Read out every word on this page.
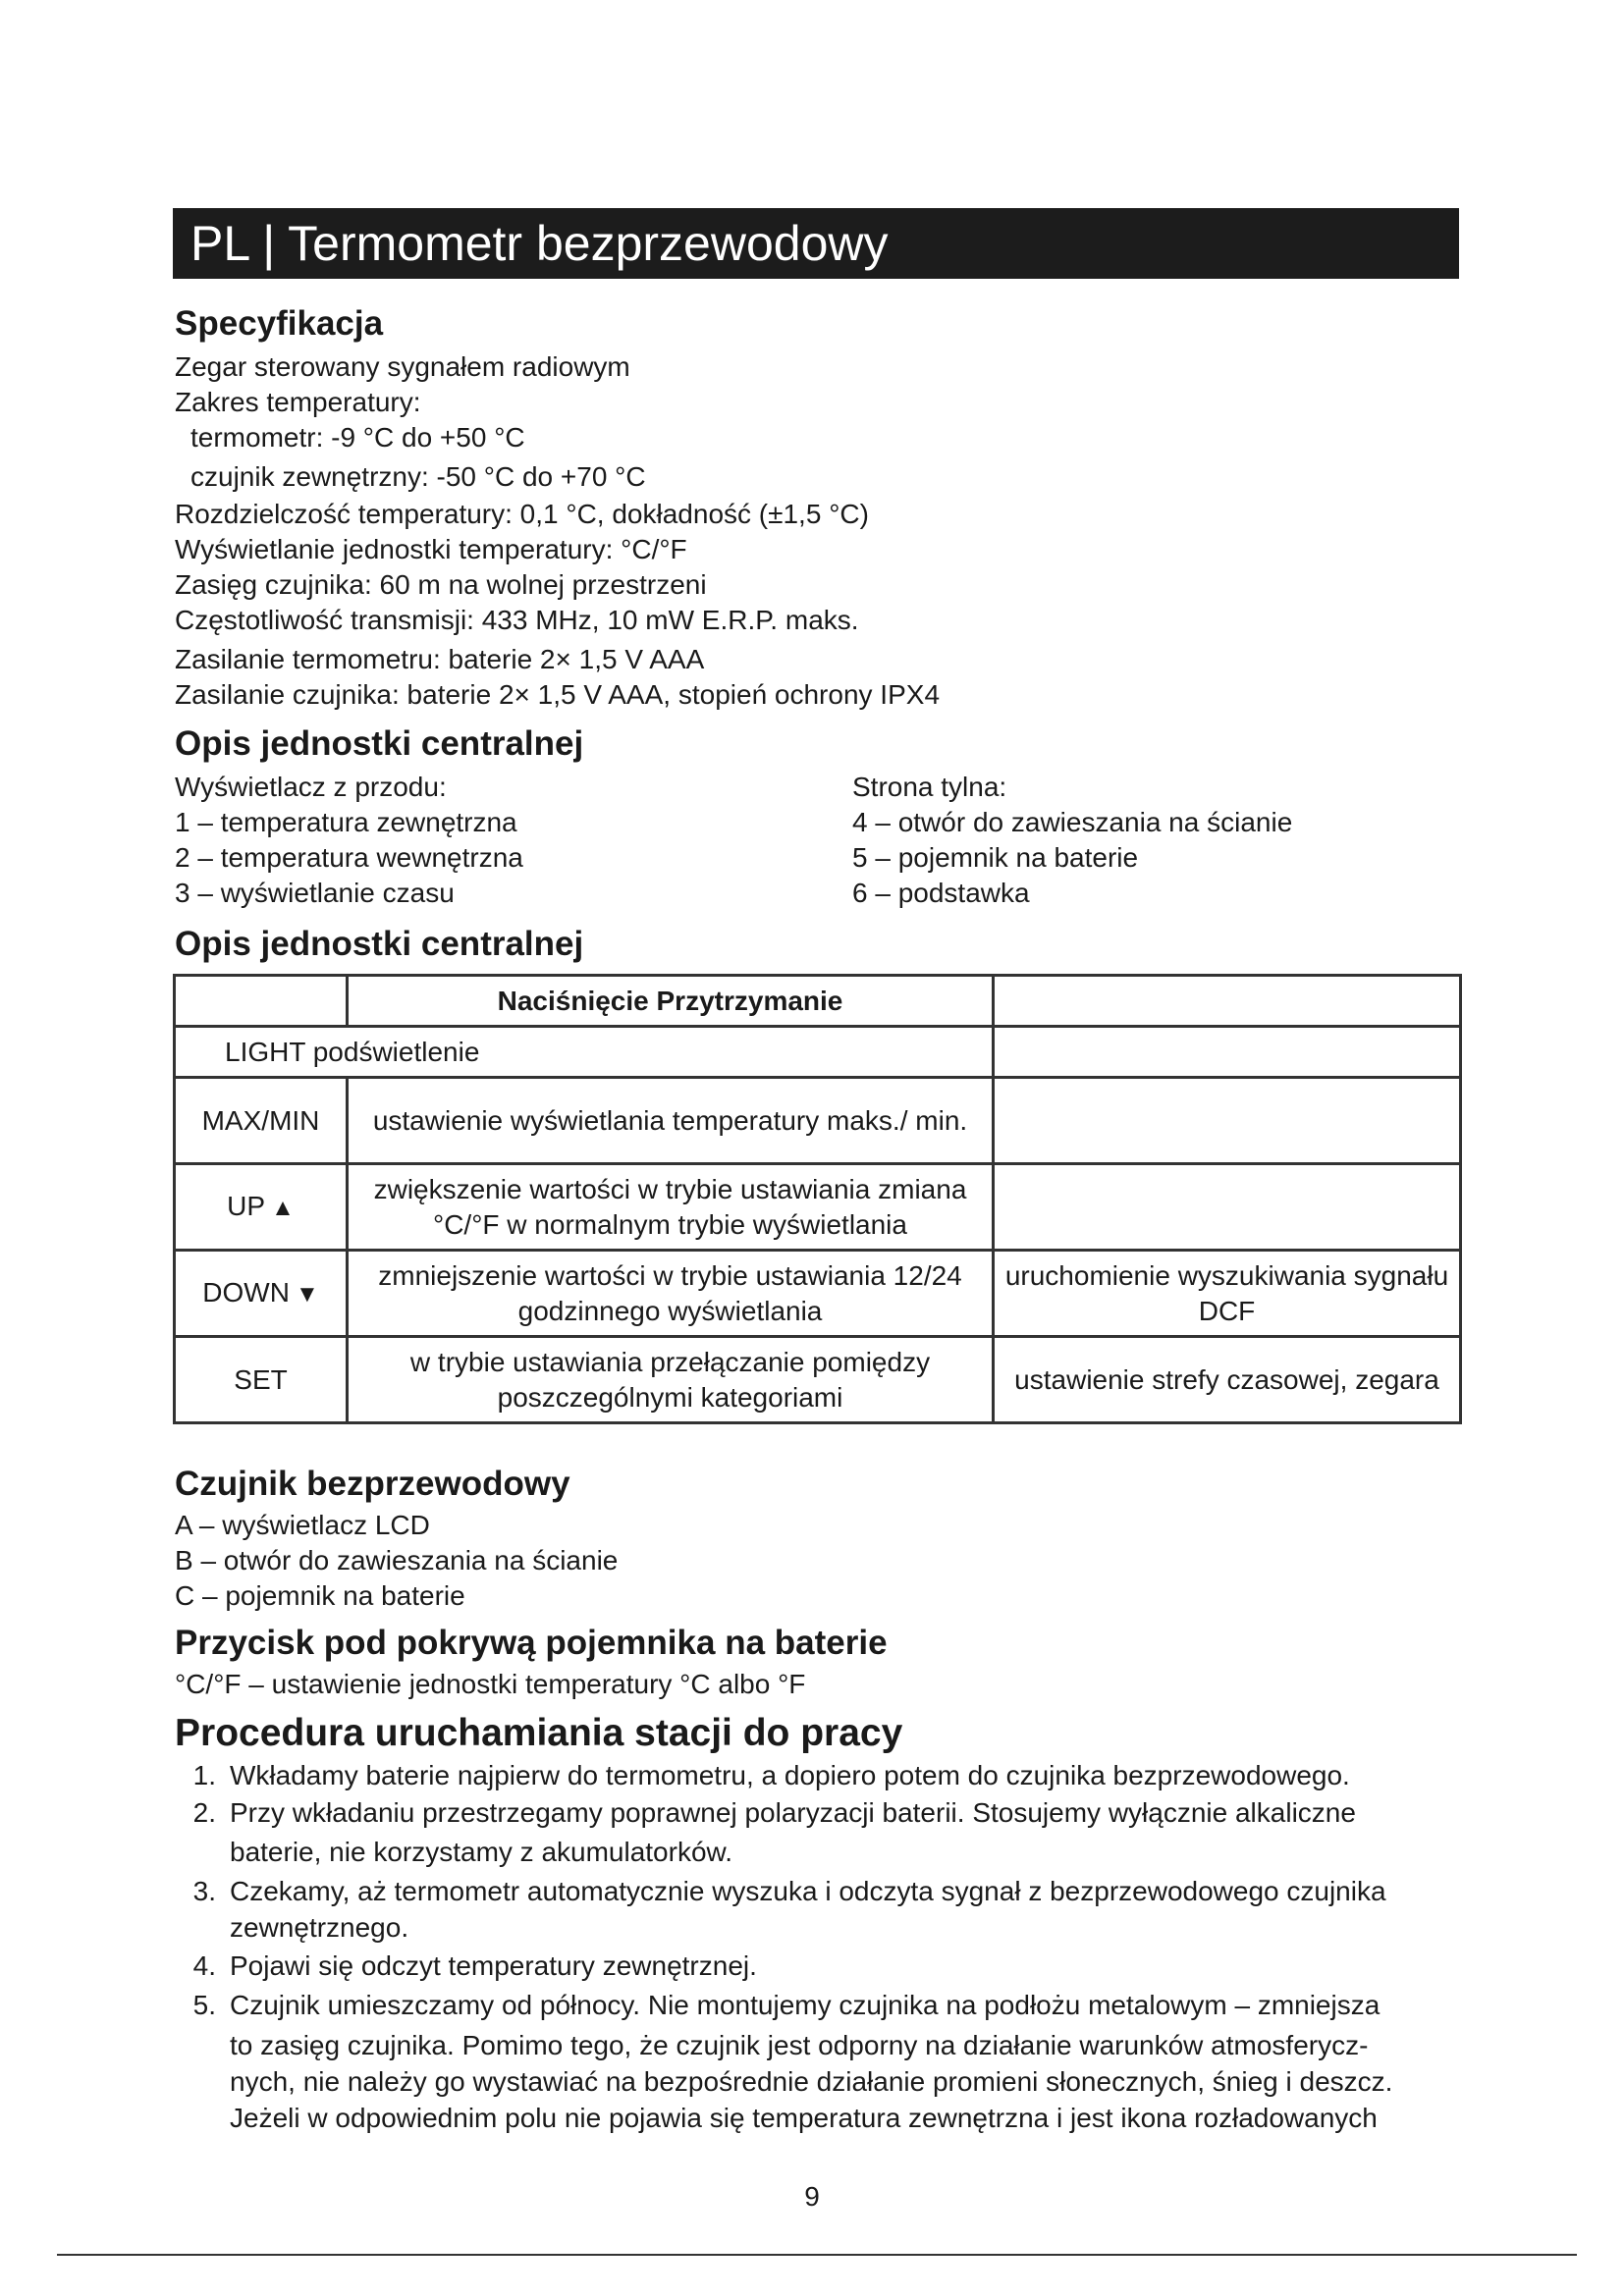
PL | Termometr bezprzewodowy
Specyfikacja
Zegar sterowany sygnałem radiowym
Zakres temperatury:
termometr: -9 °C do +50 °C
czujnik zewnętrzny: -50 °C do +70 °C
Rozdzielczość temperatury: 0,1 °C, dokładność (±1,5 °C)
Wyświetlanie jednostki temperatury: °C/°F
Zasięg czujnika: 60 m na wolnej przestrzeni
Częstotliwość transmisji: 433 MHz, 10 mW E.R.P. maks.
Zasilanie termometru: baterie 2× 1,5 V AAA
Zasilanie czujnika: baterie 2× 1,5 V AAA, stopień ochrony IPX4
Opis jednostki centralnej
Wyświetlacz z przodu:
1 – temperatura zewnętrzna
2 – temperatura wewnętrzna
3 – wyświetlanie czasu
Strona tylna:
4 – otwór do zawieszania na ścianie
5 – pojemnik na baterie
6 – podstawka
Opis jednostki centralnej
	Naciśnięcie Przytrzymanie	
LIGHT podświetlenie		
MAX/MIN	ustawienie wyświetlania temperatury maks./ min.	
UP ▲	zwiększenie wartości w trybie ustawiania zmiana °C/°F w normalnym trybie wyświetlania	
DOWN ▼	zmniejszenie wartości w trybie ustawiania 12/24 godzinnego wyświetlania	uruchomienie wyszukiwania sygnału DCF
SET	w trybie ustawiania przełączanie pomiędzy poszczególnymi kategoriami	ustawienie strefy czasowej, zegara
Czujnik bezprzewodowy
A – wyświetlacz LCD
B – otwór do zawieszania na ścianie
C – pojemnik na baterie
Przycisk pod pokrywą pojemnika na baterie
°C/°F – ustawienie jednostki temperatury °C albo °F
Procedura uruchamiania stacji do pracy
1. Wkładamy baterie najpierw do termometru, a dopiero potem do czujnika bezprzewodowego.
2. Przy wkładaniu przestrzegamy poprawnej polaryzacji baterii. Stosujemy wyłącznie alkaliczne
baterie, nie korzystamy z akumulatorków.
3. Czekamy, aż termometr automatycznie wyszuka i odczyta sygnał z bezprzewodowego czujnika
zewnętrznego.
4. Pojawi się odczyt temperatury zewnętrznej.
5. Czujnik umieszczamy od północy. Nie montujemy czujnika na podłożu metalowym – zmniejsza
to zasięg czujnika. Pomimo tego, że czujnik jest odporny na działanie warunków atmosferycz-
nych, nie należy go wystawiać na bezpośrednie działanie promieni słonecznych, śnieg i deszcz.
Jeżeli w odpowiednim polu nie pojawia się temperatura zewnętrzna i jest ikona rozładowanych
9
